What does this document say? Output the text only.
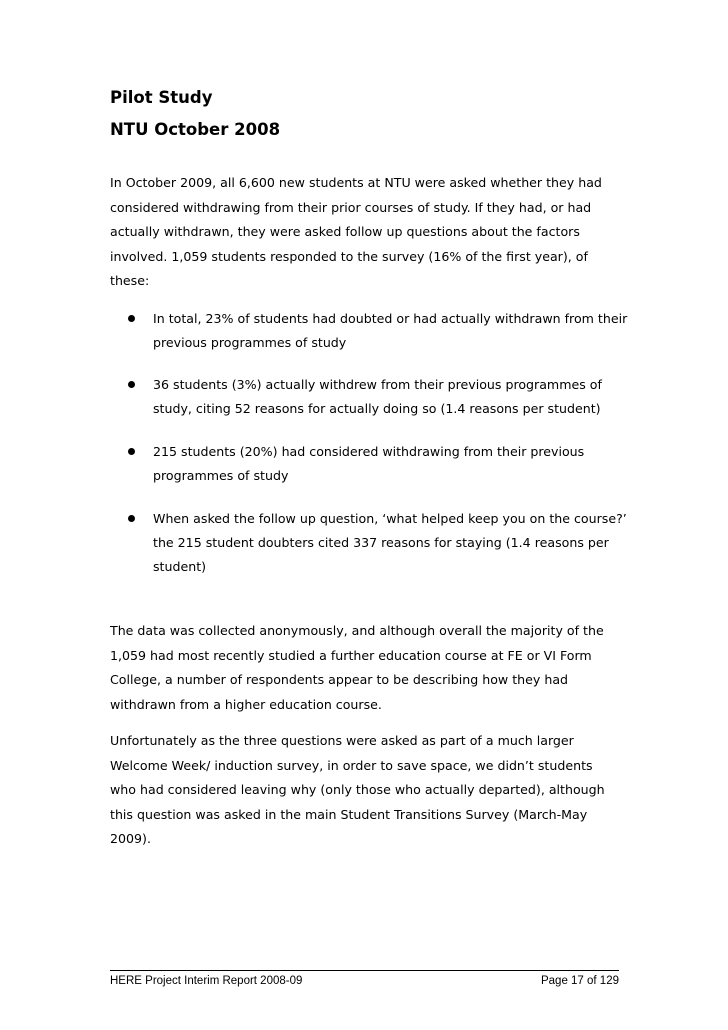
Pilot Study
NTU October 2008

In October 2009, all 6,600 new students at NTU were asked whether they had considered withdrawing from their prior courses of study. If they had, or had actually withdrawn, they were asked follow up questions about the factors involved. 1,059 students responded to the survey (16% of the first year), of these:

In total, 23% of students had doubted or had actually withdrawn from their previous programmes of study
36 students (3%) actually withdrew from their previous programmes of study, citing 52 reasons for actually doing so (1.4 reasons per student)
215 students (20%) had considered withdrawing from their previous programmes of study
When asked the follow up question, ‘what helped keep you on the course?’ the 215 student doubters cited 337 reasons for staying (1.4 reasons per student)

The data was collected anonymously, and although overall the majority of the 1,059 had most recently studied a further education course at FE or VI Form College, a number of respondents appear to be describing how they had withdrawn from a higher education course.

Unfortunately as the three questions were asked as part of a much larger Welcome Week/ induction survey, in order to save space, we didn’t students who had considered leaving why (only those who actually departed), although this question was asked in the main Student Transitions Survey (March-May 2009).

HERE Project Interim Report 2008-09	Page 17 of 129
